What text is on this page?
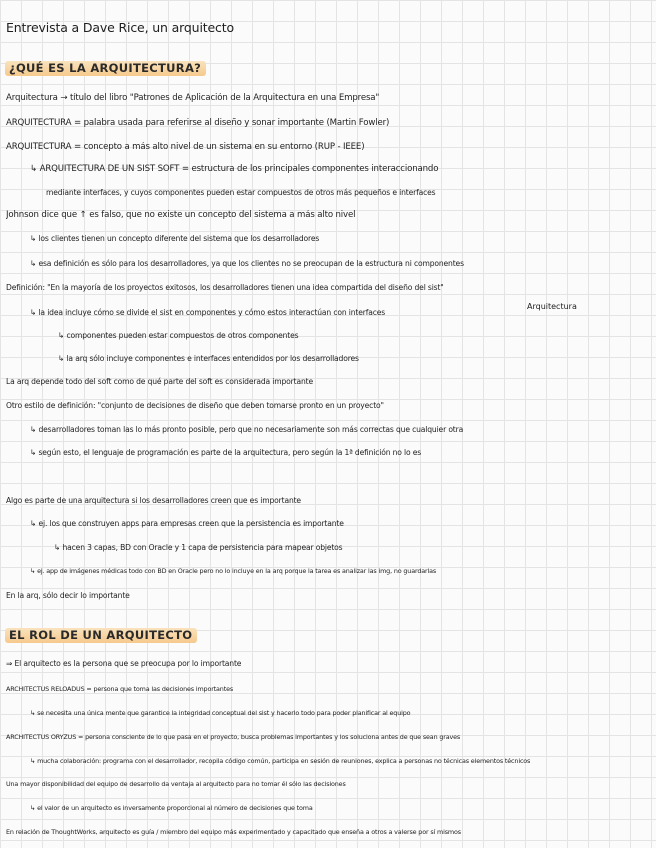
Entrevista a Dave Rice, un arquitecto
¿QUÉ ES LA ARQUITECTURA?
Arquitectura → título del libro "Patrones de Aplicación de la Arquitectura en una Empresa"
ARQUITECTURA = palabra usada para referirse al diseño y sonar importante (Martin Fowler)
ARQUITECTURA = concepto a más alto nivel de un sistema en su entorno (RUP - IEEE)
↳ ARQUITECTURA DE UN SIST SOFT = estructura de los principales componentes interaccionando
mediante interfaces, y cuyos componentes pueden estar compuestos de otros más pequeños e interfaces
Johnson dice que ↑ es falso, que no existe un concepto del sistema a más alto nivel
↳ los clientes tienen un concepto diferente del sistema que los desarrolladores
↳ esa definición es sólo para los desarrolladores, ya que los clientes no se preocupan de la estructura ni componentes
Definición: "En la mayoría de los proyectos exitosos, los desarrolladores tienen una idea compartida del diseño del sist"
Arquitectura
↳ la idea incluye cómo se divide el sist en componentes y cómo estos interactúan con interfaces
↳ componentes pueden estar compuestos de otros componentes
↳ la arq sólo incluye componentes e interfaces entendidos por los desarrolladores
La arq depende todo del soft como de qué parte del soft es considerada importante
Otro estilo de definición: "conjunto de decisiones de diseño que deben tomarse pronto en un proyecto"
↳ desarrolladores toman las lo más pronto posible, pero que no necesariamente son más correctas que cualquier otra
↳ según esto, el lenguaje de programación es parte de la arquitectura, pero según la 1ª definición no lo es
Algo es parte de una arquitectura si los desarrolladores creen que es importante
↳ ej. los que construyen apps para empresas creen que la persistencia es importante
↳ hacen 3 capas, BD con Oracle y 1 capa de persistencia para mapear objetos
↳ ej. app de imágenes médicas todo con BD en Oracle pero no lo incluye en la arq porque la tarea es analizar las img, no guardarlas
En la arq, sólo decir lo importante
EL ROL DE UN ARQUITECTO
⇒ El arquitecto es la persona que se preocupa por lo importante
ARCHITECTUS RELOADUS = persona que toma las decisiones importantes
↳ se necesita una única mente que garantice la integridad conceptual del sist y hacerlo todo para poder planificar al equipo
ARCHITECTUS ORYZUS = persona consciente de lo que pasa en el proyecto, busca problemas importantes y los soluciona antes de que sean graves
↳ mucha colaboración: programa con el desarrollador, recopila código común, participa en sesión de reuniones, explica a personas no técnicas elementos técnicos
Una mayor disponibilidad del equipo de desarrollo da ventaja al arquitecto para no tomar él sólo las decisiones
↳ el valor de un arquitecto es inversamente proporcional al número de decisiones que toma
En relación de ThoughtWorks, arquitecto es guía / miembro del equipo más experimentado y capacitado que enseña a otros a valerse por sí mismos
